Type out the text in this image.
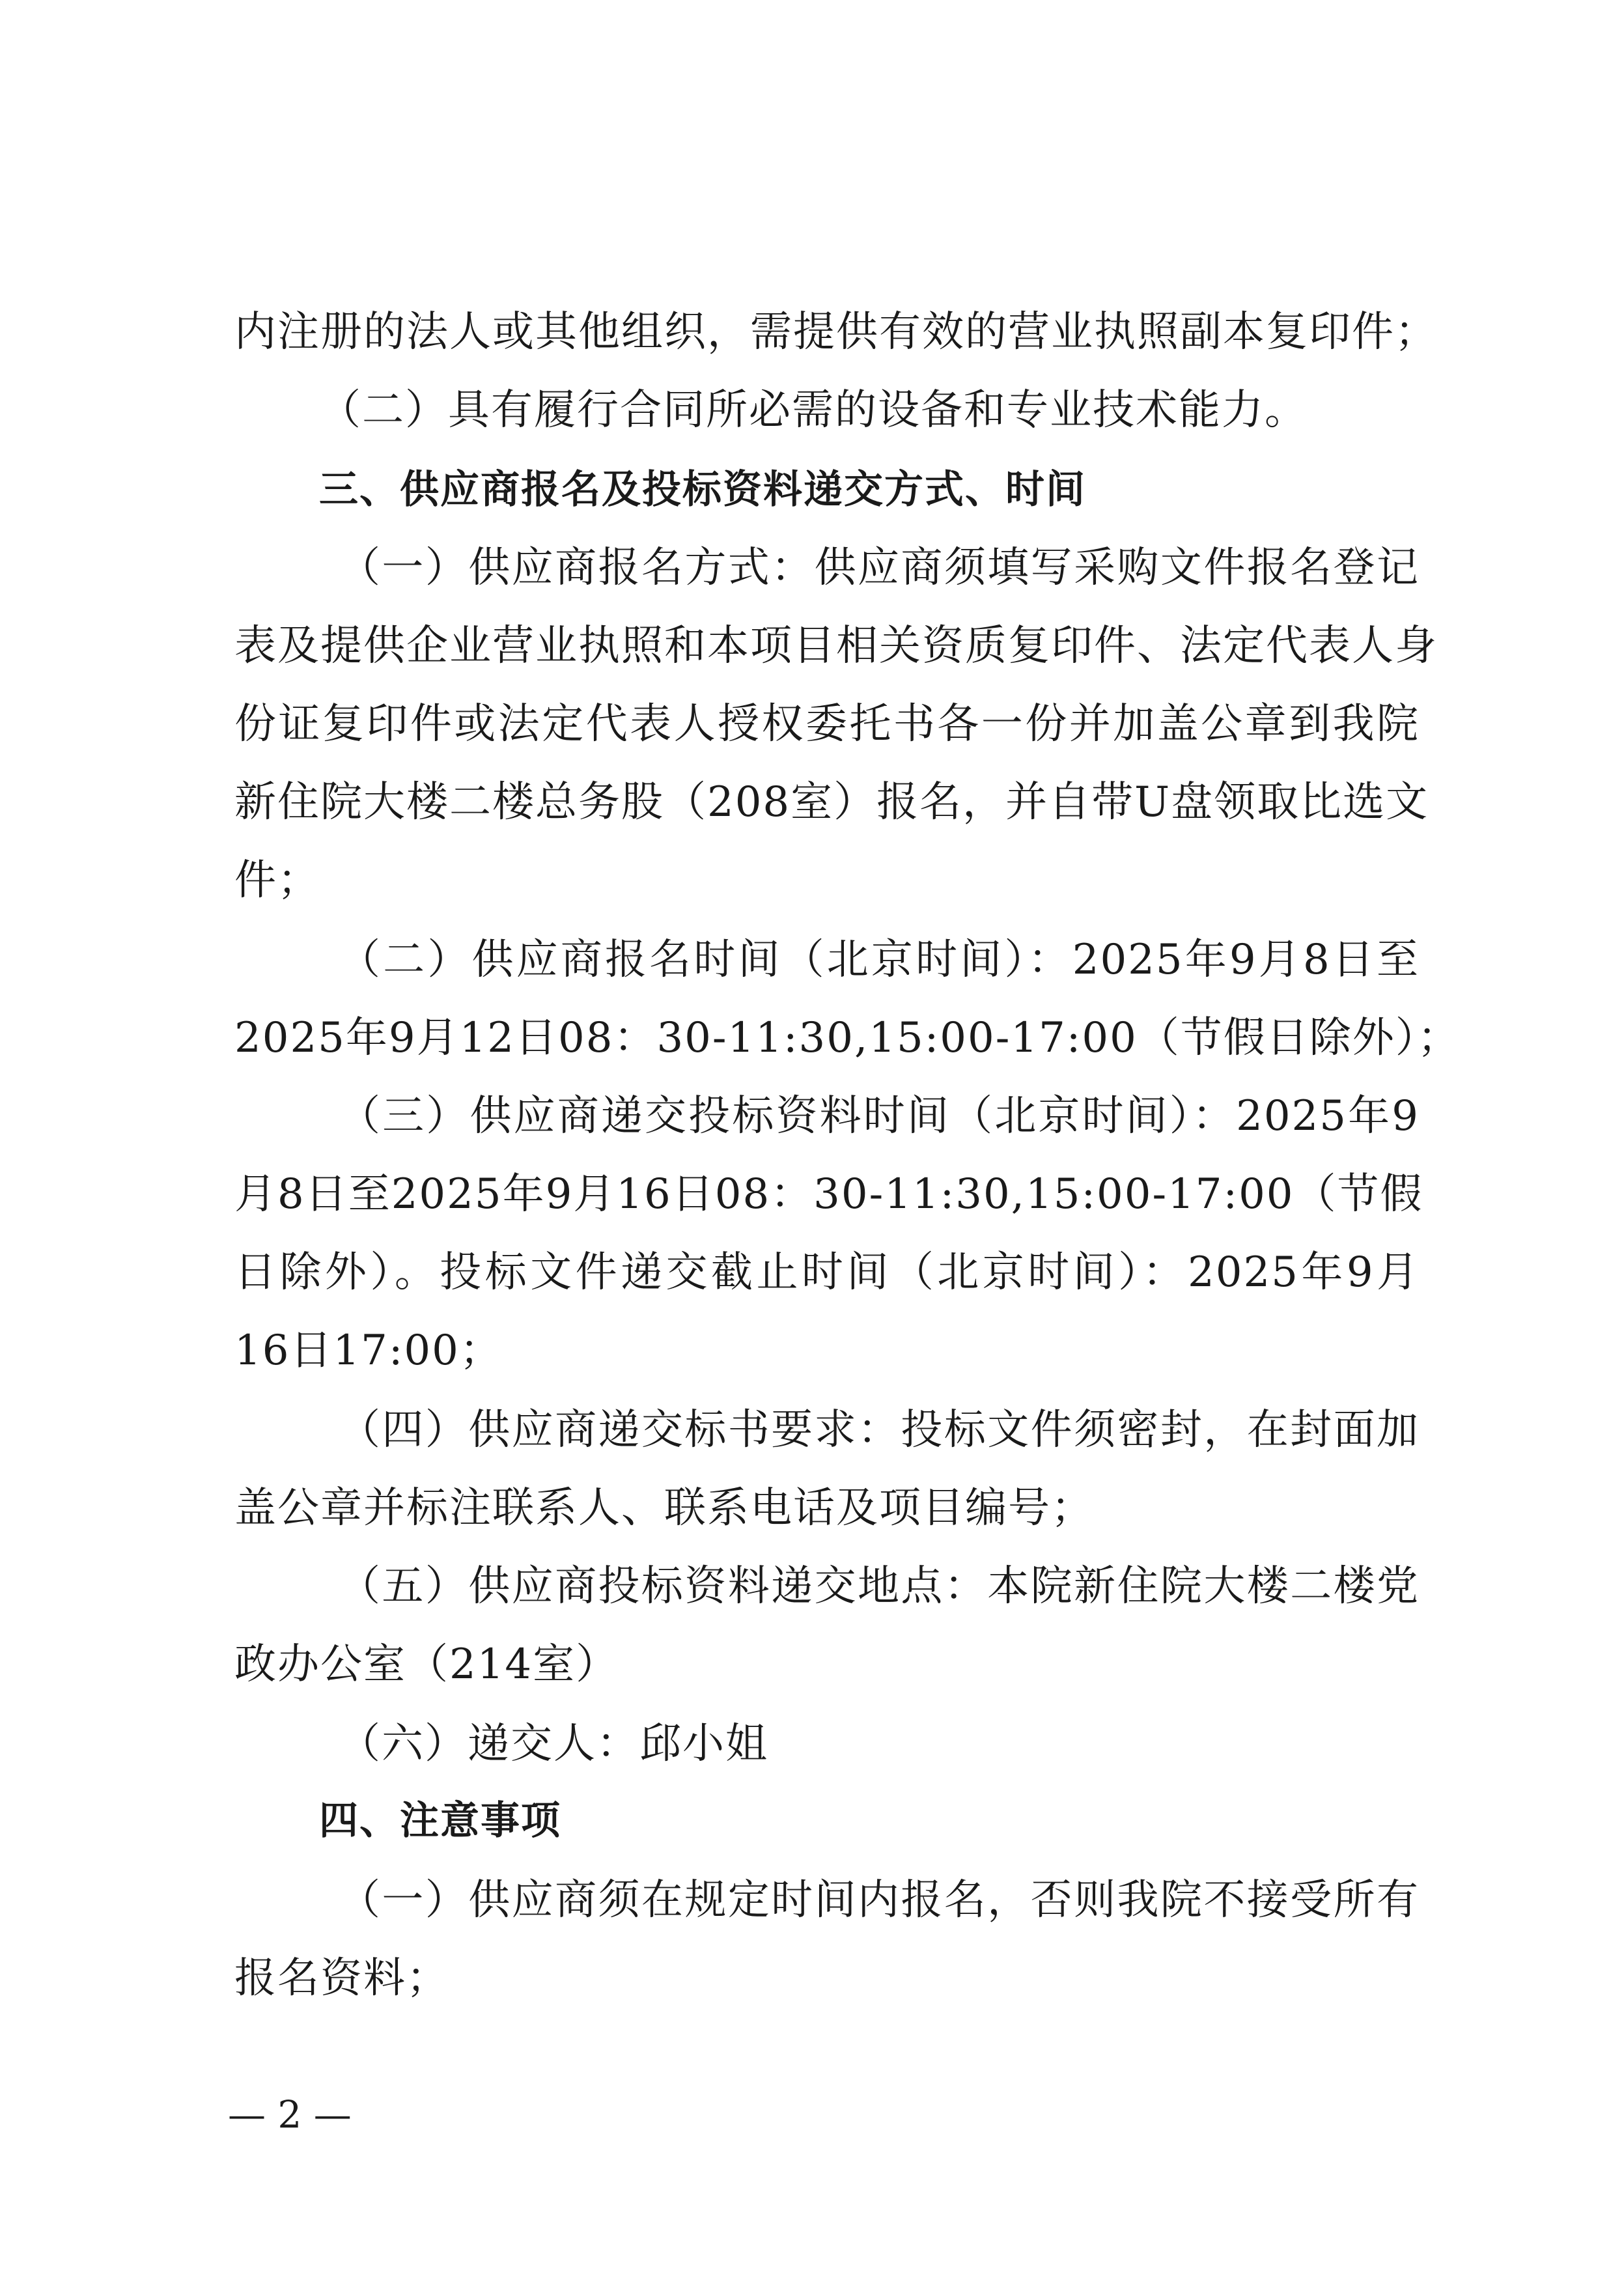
内注册的法人或其他组织，需提供有效的营业执照副本复印件；
（二）具有履行合同所必需的设备和专业技术能力。
三、供应商报名及投标资料递交方式、时间
（一）供应商报名方式：供应商须填写采购文件报名登记
表及提供企业营业执照和本项目相关资质复印件、法定代表人身
份证复印件或法定代表人授权委托书各一份并加盖公章到我院
新住院大楼二楼总务股（208室）报名，并自带U盘领取比选文
件；
（二）供应商报名时间（北京时间）：2025年9月8日至
2025年9月12日08：30-11:30,15:00-17:00（节假日除外）；
（三）供应商递交投标资料时间（北京时间）：2025年9
月8日至2025年9月16日08：30-11:30,15:00-17:00（节假
日除外）。投标文件递交截止时间（北京时间）：2025年9月
16日17:00；
（四）供应商递交标书要求：投标文件须密封，在封面加
盖公章并标注联系人、联系电话及项目编号；
（五）供应商投标资料递交地点：本院新住院大楼二楼党
政办公室（214室）
（六）递交人：邱小姐
四、注意事项
（一）供应商须在规定时间内报名，否则我院不接受所有
报名资料；
— 2 —
